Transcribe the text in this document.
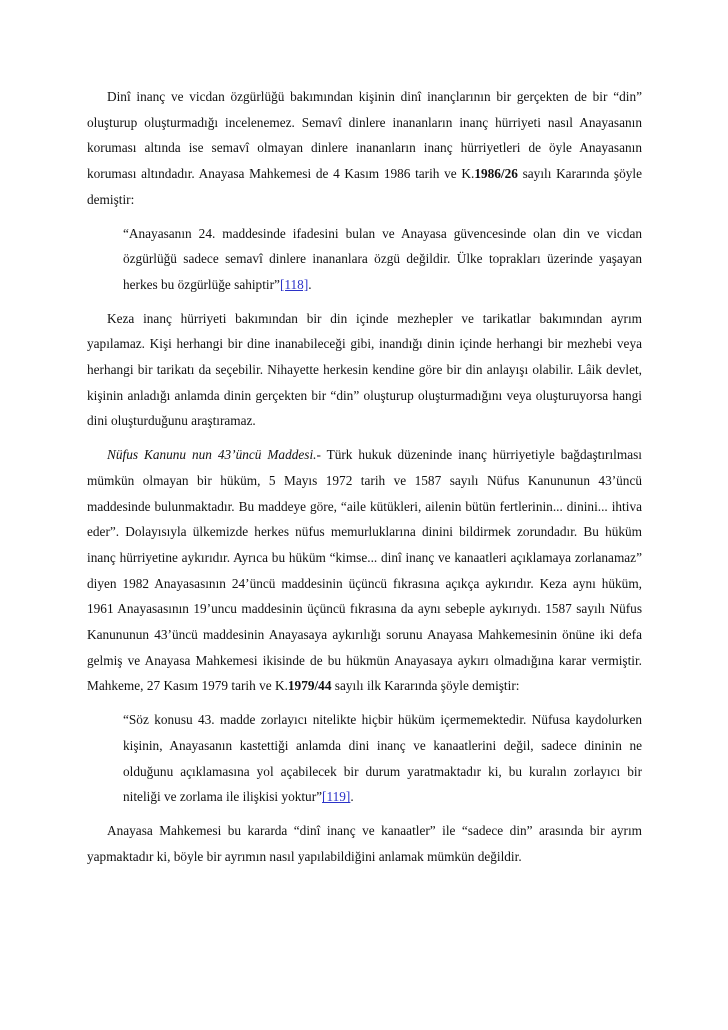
Dinî inanç ve vicdan özgürlüğü bakımından kişinin dinî inançlarının bir gerçekten de bir “din” oluşturup oluşturmadığı incelenemez. Semavî dinlere inananların inanç hürriyeti nasıl Anayasanın koruması altında ise semavî olmayan dinlere inananların inanç hürriyetleri de öyle Anayasanın koruması altındadır. Anayasa Mahkemesi de 4 Kasım 1986 tarih ve K.1986/26 sayılı Kararında şöyle demiştir:

“Anayasanın 24. maddesinde ifadesini bulan ve Anayasa güvencesinde olan din ve vicdan özgürlüğü sadece semavî dinlere inananlara özgü değildir. Ülke toprakları üzerinde yaşayan herkes bu özgürlüğe sahiptir”[118].

Keza inanç hürriyeti bakımından bir din içinde mezhepler ve tarikatlar bakımından ayrım yapılamaz. Kişi herhangi bir dine inanabileceği gibi, inandığı dinin içinde herhangi bir mezhebi veya herhangi bir tarikatı da seçebilir. Nihayette herkesin kendine göre bir din anlayışı olabilir. Lâik devlet, kişinin anladığı anlamda dinin gerçekten bir “din” oluşturup oluşturmadığını veya oluşturuyorsa hangi dini oluşturduğunu araştıramaz.

Nüfus Kanunu nun 43’üncü Maddesi.- Türk hukuk düzeninde inanç hürriyetiyle bağdaştırılması mümkün olmayan bir hüküm, 5 Mayıs 1972 tarih ve 1587 sayılı Nüfus Kanununun 43’üncü maddesinde bulunmaktadır. Bu maddeye göre, “aile kütükleri, ailenin bütün fertlerinin... dinini... ihtiva eder”. Dolayısıyla ülkemizde herkes nüfus memurluklarına dinini bildirmek zorundadır. Bu hüküm inanç hürriyetine aykırıdır. Ayrıca bu hüküm “kimse... dinî inanç ve kanaatleri açıklamaya zorlanamaz” diyen 1982 Anayasasının 24’üncü maddesinin üçüncü fıkrasına açıkça aykırıdır. Keza aynı hüküm, 1961 Anayasasının 19’uncu maddesinin üçüncü fıkrasına da aynı sebeple aykırıydı. 1587 sayılı Nüfus Kanununun 43’üncü maddesinin Anayasaya aykırılığı sorunu Anayasa Mahkemesinin önüne iki defa gelmiş ve Anayasa Mahkemesi ikisinde de bu hükmün Anayasaya aykırı olmadığına karar vermiştir. Mahkeme, 27 Kasım 1979 tarih ve K.1979/44 sayılı ilk Kararında şöyle demiştir:

“Söz konusu 43. madde zorlayıcı nitelikte hiçbir hüküm içermemektedir. Nüfusa kaydolurken kişinin, Anayasanın kastettiği anlamda dini inanç ve kanaatlerini değil, sadece dininin ne olduğunu açıklamasına yol açabilecek bir durum yaratmaktadır ki, bu kuralın zorlayıcı bir niteliği ve zorlama ile ilişkisi yoktur”[119].

Anayasa Mahkemesi bu kararda “dinî inanç ve kanaatler” ile “sadece din” arasında bir ayrım yapmaktadır ki, böyle bir ayrımın nasıl yapılabildiğini anlamak mümkün değildir.
